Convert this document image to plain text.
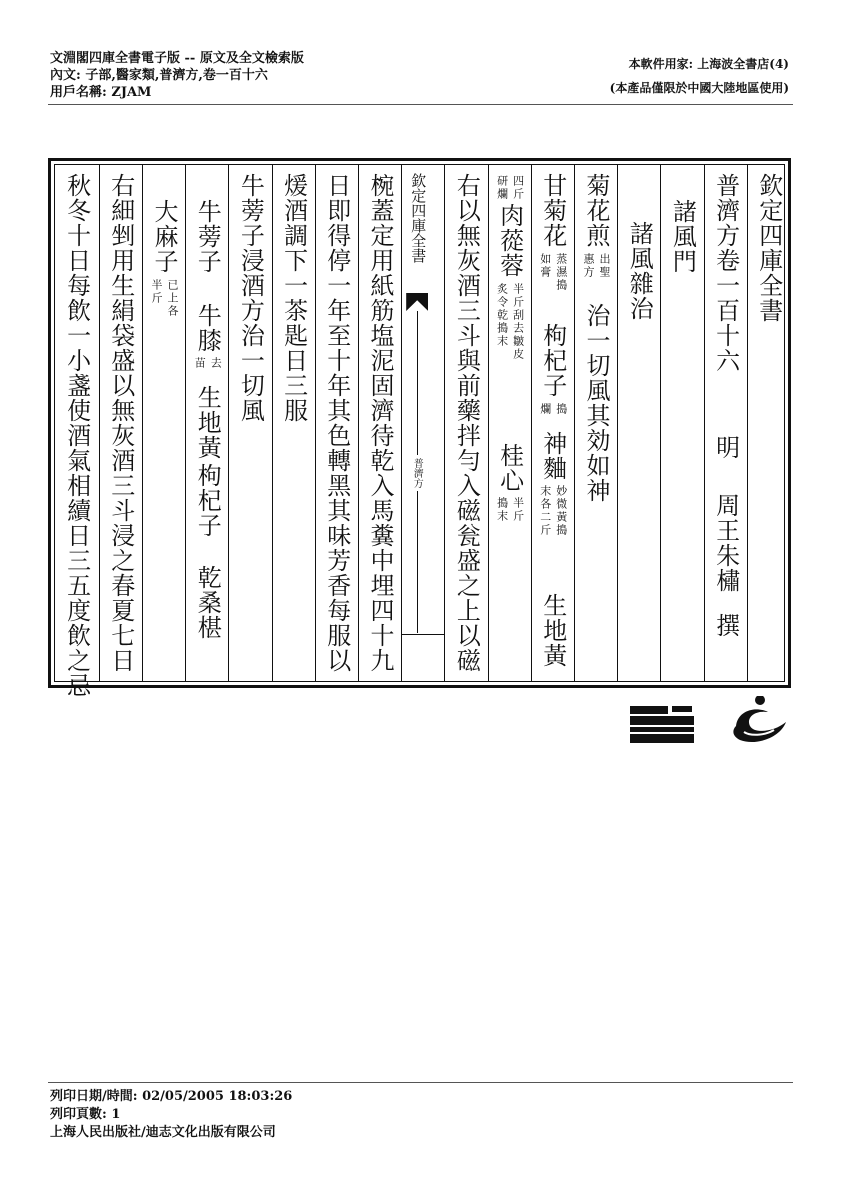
文淵閣四庫全書電子版 -- 原文及全文檢索版
內文: 子部,醫家類,普濟方,卷一百十六
用戶名稱: ZJAM
本軟件用家: 上海波全書店(4)
(本產品僅限於中國大陸地區使用)
欽定四庫全書
普濟方卷一百十六
明
周王朱橚
撰
諸風門
諸風雜治
菊花煎
出聖
惠方
治一切風其効如神
甘菊花
蒸濕搗
如膏
枸杞子
搗
爛
神麯
妙微黃搗
末各二斤
生地黃
四斤
研爛
肉蓯蓉
半斤刮去皺皮
炙令乾搗末
桂心
半斤
搗末
右以無灰酒三斗與前藥拌勻入磁瓮盛之上以磁
欽定四庫全書
普濟方
椀蓋定用紙筋塩泥固濟待乾入馬糞中埋四十九
日即得停一年至十年其色轉黑其味芳香每服以
煖酒調下一茶匙日三服
牛蒡子浸酒方治一切風
牛蒡子
牛膝
去
苗
生地黃
枸杞子
乾桑椹
大麻子
已上各
半斤
右細剉用生絹袋盛以無灰酒三斗浸之春夏七日
秋冬十日每飲一小盞使酒氣相續日三五度飲之忌
列印日期/時間: 02/05/2005 18:03:26
列印頁數: 1
上海人民出版社/迪志文化出版有限公司
